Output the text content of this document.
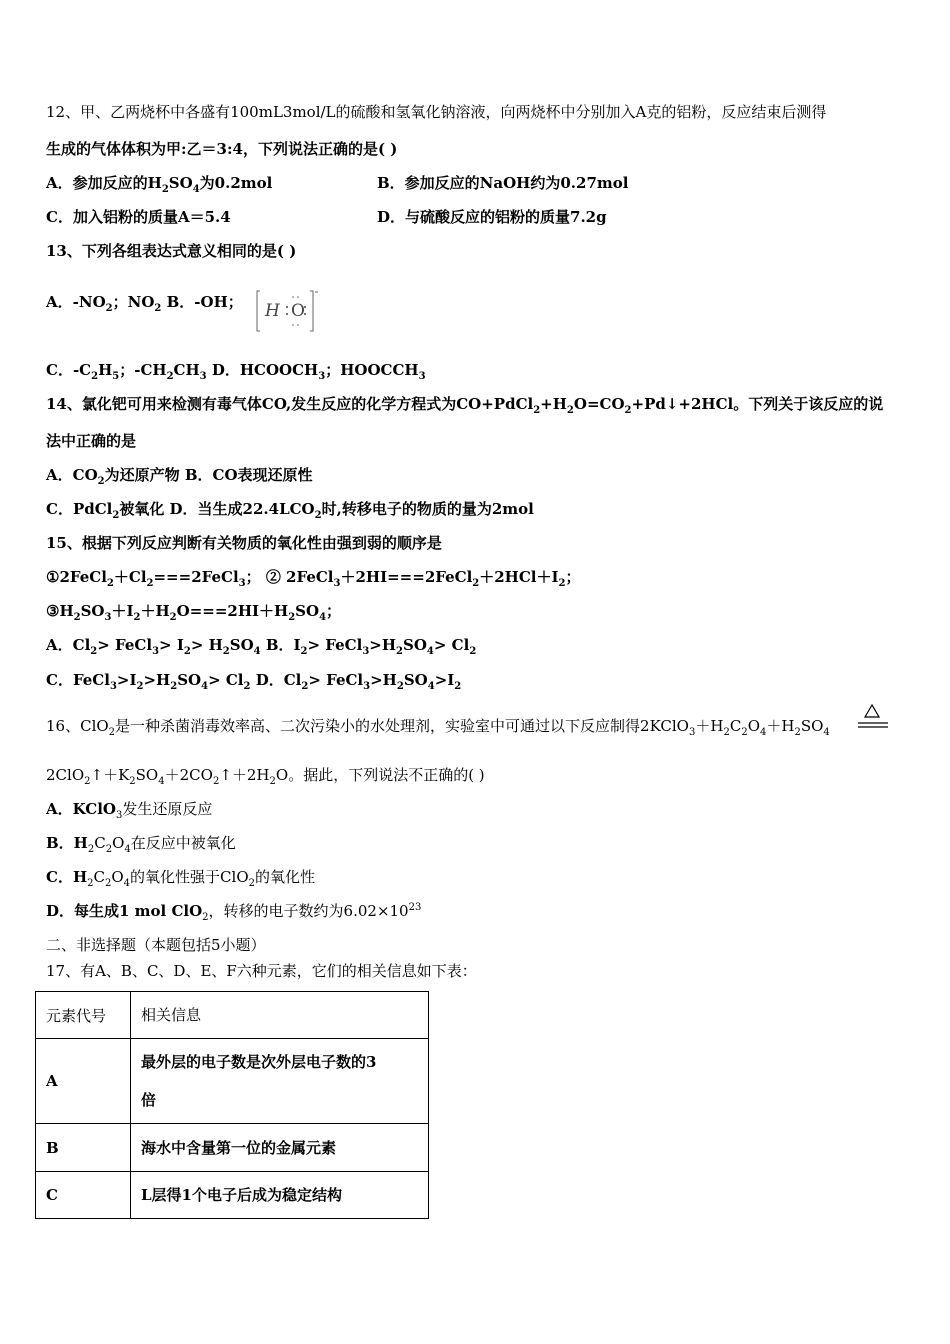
12、甲、乙两烧杯中各盛有100mL3mol/L的硫酸和氢氧化钠溶液，向两烧杯中分别加入A克的铝粉，反应结束后测得
生成的气体体积为甲:乙＝3:4，下列说法正确的是( )
A．参加反应的$H_2SO_4$为0.2mol	B．参加反应的NaOH约为0.27mol
C．加入铝粉的质量A＝5.4	D．与硫酸反应的铝粉的质量7.2g
13、下列各组表达式意义相同的是( )
A．$-NO_2$；$NO_2$ B．-OH； H O
C．$-C_2H_5$；$-CH_2CH_3$ D．$HCOOCH_3$；$HOOCCH_3$
14、氯化钯可用来检测有毒气体CO,发生反应的化学方程式为$CO+PdCl_2+H_2O=CO_2+Pd↓+2HCl$。下列关于该反应的说
法中正确的是
A．$CO_2$为还原产物 B．CO表现还原性
C．PdCl$_2$被氧化 D．当生成$22.4LCO_2$时,转移电子的物质的量为2mol
15、根据下列反应判断有关物质的氧化性由强到弱的顺序是
$①2FeCl_2+Cl_2===2FeCl_3$； ② $2FeCl_3+2HI===2FeCl_2+2HCl+I_2$；
$③H_2SO_3+I_2+H_2O===2HI+H_2SO_4$；
A．$Cl_2>$ FeCl$_3$> $I_2> H_2SO_4$ B．$I_2>$ $FeCl_3>H_2SO_4> Cl_2$
C．$FeCl_3>I_2>H_2SO_4> Cl_2$ D．$Cl_2>$ $FeCl_3>H_2SO_4>I_2$
16、ClO$_2$是一种杀菌消毒效率高、二次污染小的水处理剂，实验室中可通过以下反应制得$2KClO_3+H_2C_2O_4+H_2SO_4$
$2ClO_2↑+K_2SO_4+2CO_2↑+2H_2O$。据此，下列说法不正确的( )
A．KClO$_3$发生还原反应
B．$H_2C_2O_4$在反应中被氧化
C．$H_2C_2O_4$的氧化性强于ClO$_2$的氧化性
D．每生成1 mol ClO$_2$，转移的电子数约为$6.02\times 10^{23}$
二、非选择题（本题包括5小题）
17、有A、B、C、D、E、F六种元素，它们的相关信息如下表：
元素代号	相关信息
A	最外层的电子数是次外层电子数的3
倍
B	海水中含量第一位的金属元素
C	L层得1个电子后成为稳定结构
